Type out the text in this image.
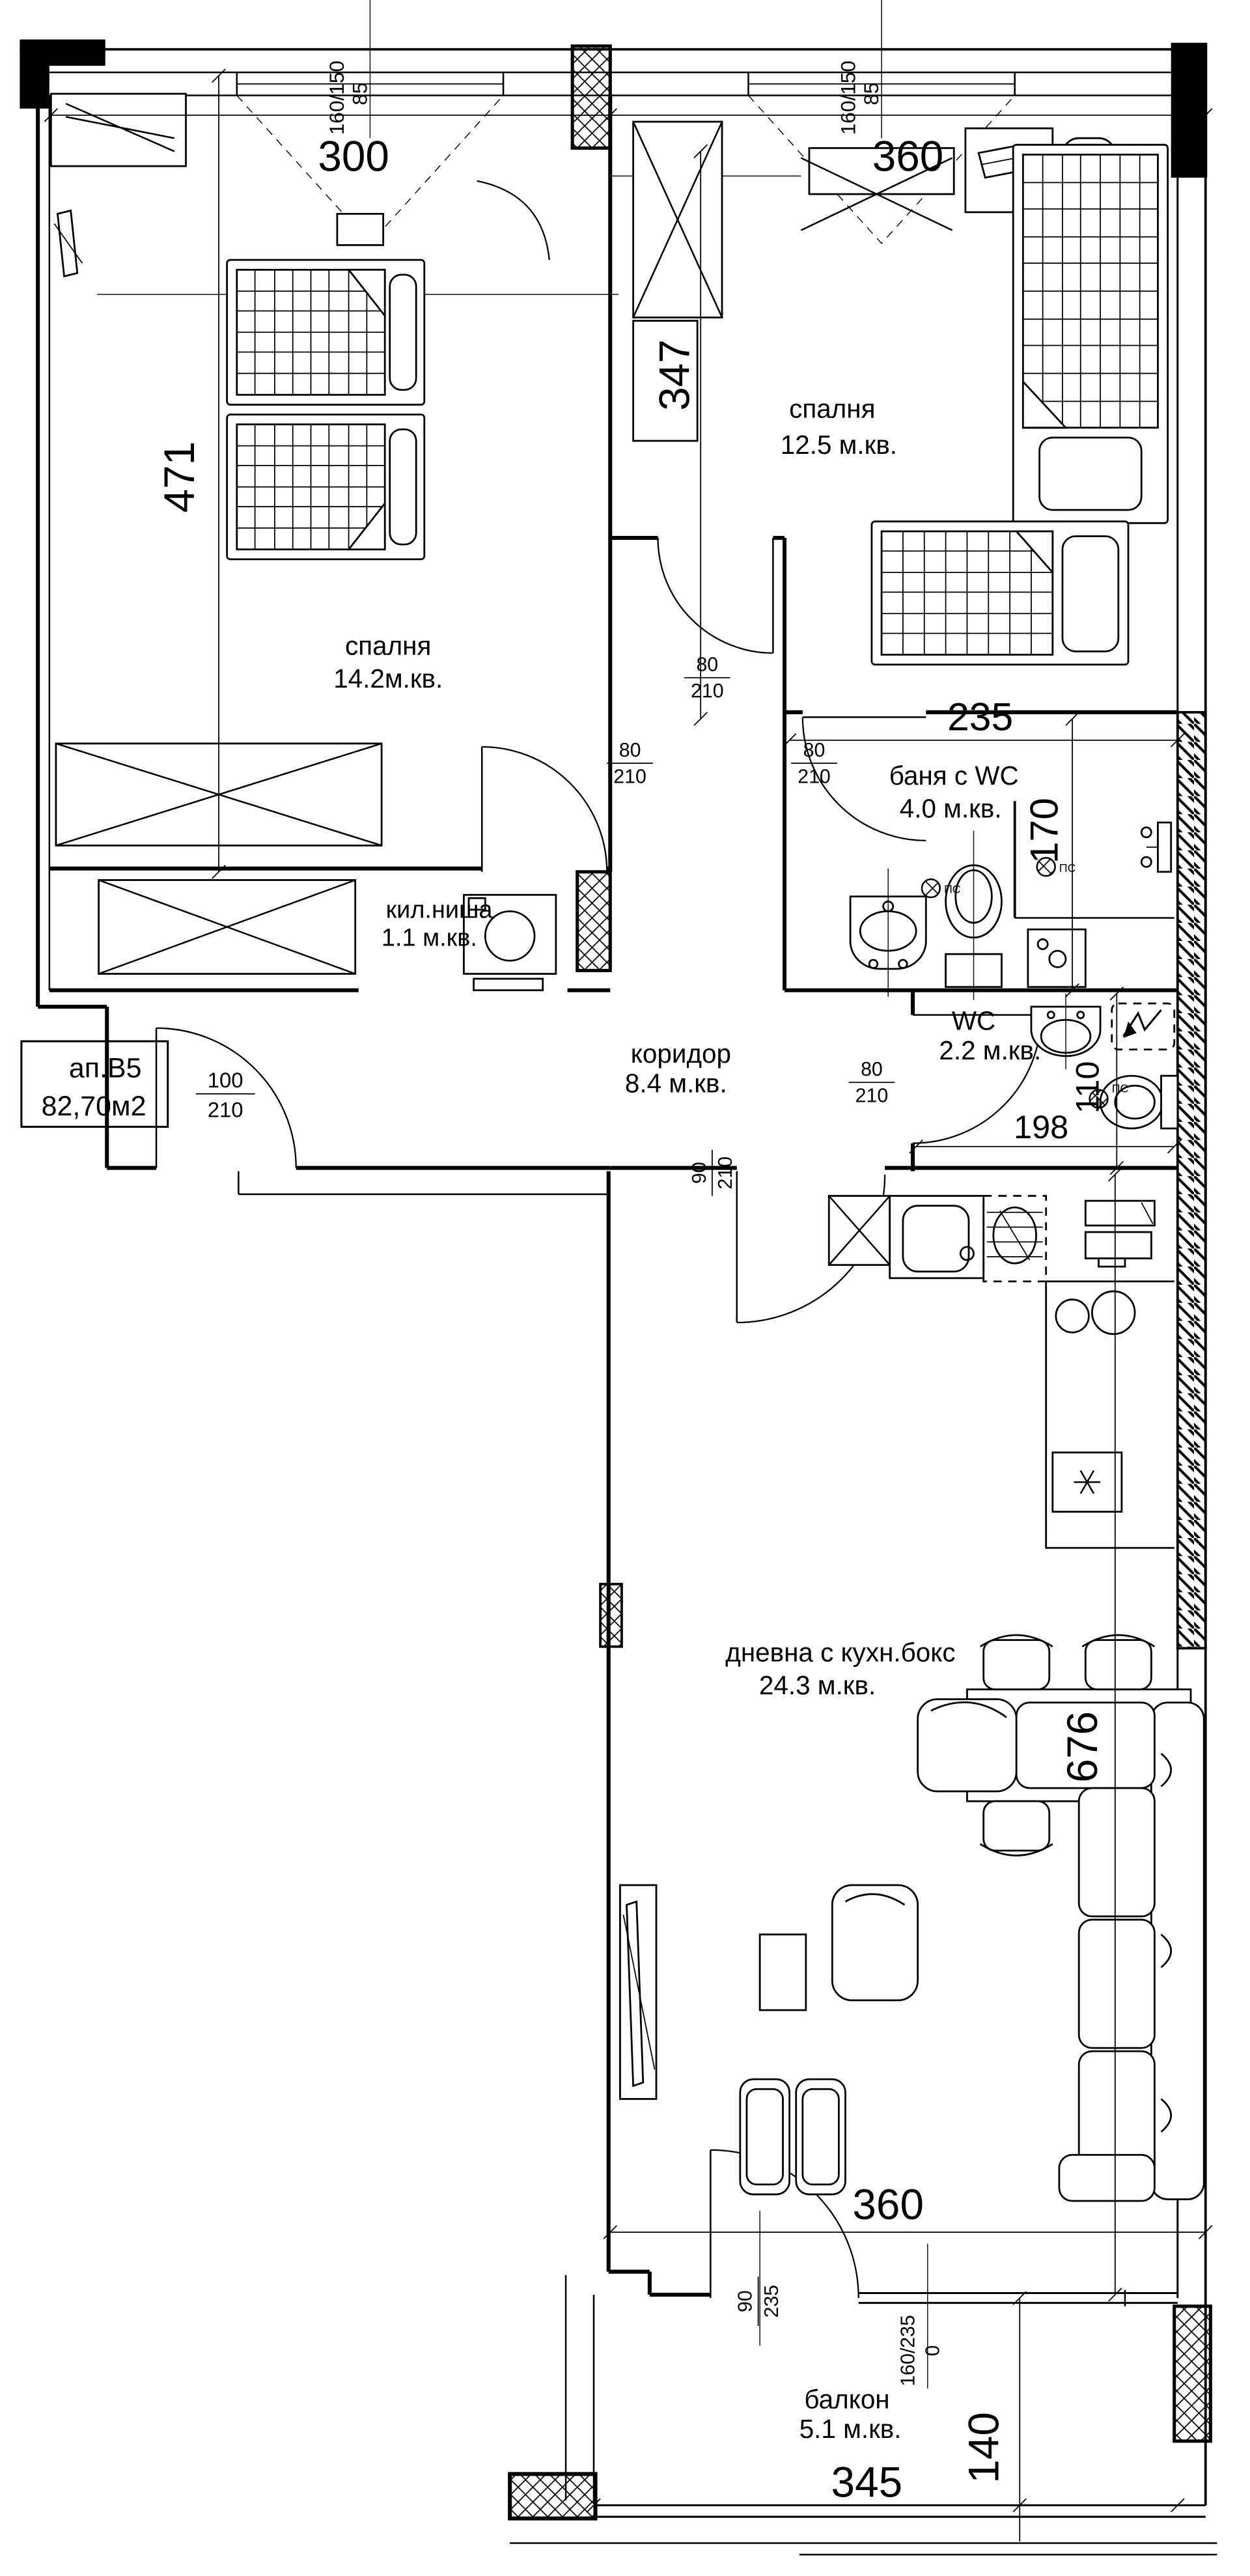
ПС
ПС
ПС
300	360
160/150 85	160/150 85
471
347
235
170
110
198
676
360
140
345
80
210
80
210
80
210
80
210
100
210
90 210
90 235
160/235 0
спалня
14.2м.кв.
спалня
12.5 м.кв.
баня с WC
4.0 м.кв.
кил.ниша
1.1 м.кв.
коридор
8.4 м.кв.
WC
2.2 м.кв.
дневна с кухн.бокс
24.3 м.кв.
балкон
5.1 м.кв.
ап.В5
82,70м2
